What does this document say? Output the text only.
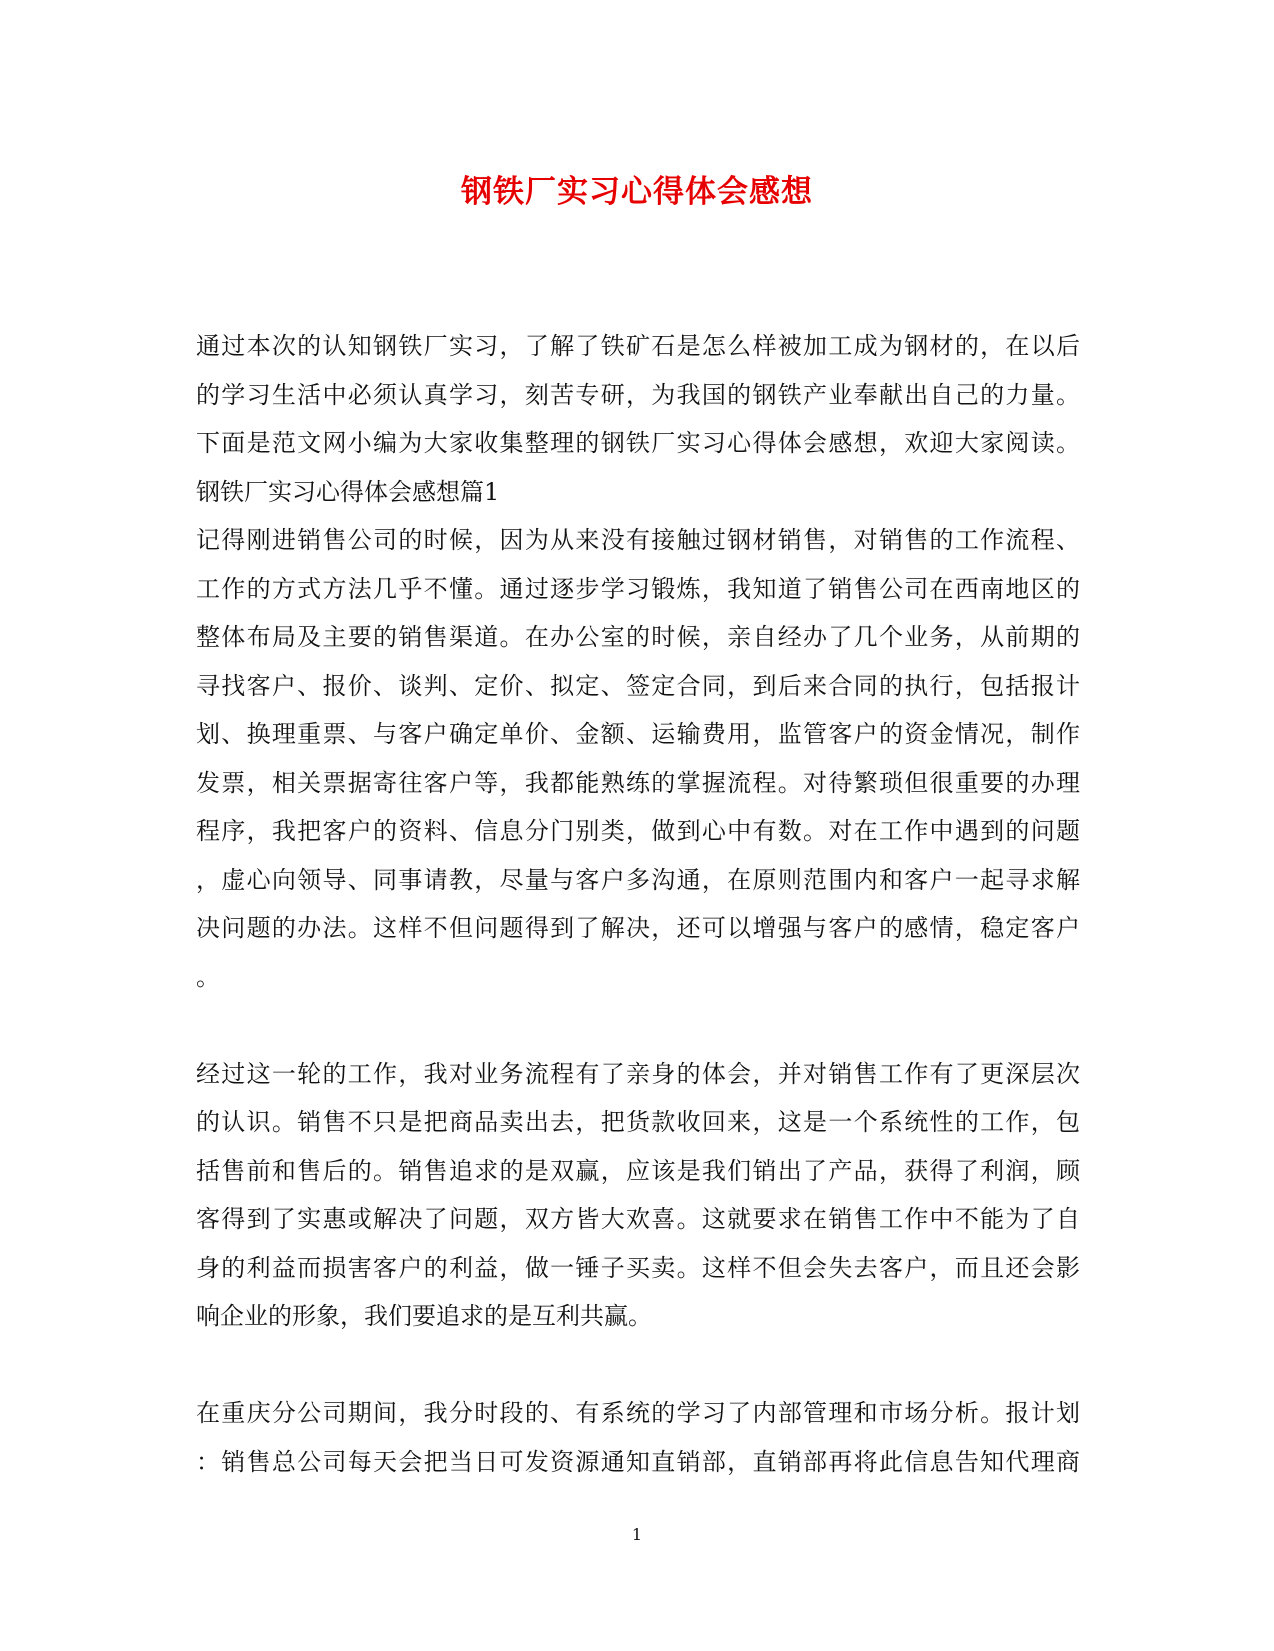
钢铁厂实习心得体会感想
通过本次的认知钢铁厂实习，了解了铁矿石是怎么样被加工成为钢材的，在以后
的学习生活中必须认真学习，刻苦专研，为我国的钢铁产业奉献出自己的力量。
下面是范文网小编为大家收集整理的钢铁厂实习心得体会感想，欢迎大家阅读。
钢铁厂实习心得体会感想篇1
记得刚进销售公司的时候，因为从来没有接触过钢材销售，对销售的工作流程、
工作的方式方法几乎不懂。通过逐步学习锻炼，我知道了销售公司在西南地区的
整体布局及主要的销售渠道。在办公室的时候，亲自经办了几个业务，从前期的
寻找客户、报价、谈判、定价、拟定、签定合同，到后来合同的执行，包括报计
划、换理重票、与客户确定单价、金额、运输费用，监管客户的资金情况，制作
发票，相关票据寄往客户等，我都能熟练的掌握流程。对待繁琐但很重要的办理
程序，我把客户的资料、信息分门别类，做到心中有数。对在工作中遇到的问题
，虚心向领导、同事请教，尽量与客户多沟通，在原则范围内和客户一起寻求解
决问题的办法。这样不但问题得到了解决，还可以增强与客户的感情，稳定客户
。
经过这一轮的工作，我对业务流程有了亲身的体会，并对销售工作有了更深层次
的认识。销售不只是把商品卖出去，把货款收回来，这是一个系统性的工作，包
括售前和售后的。销售追求的是双赢，应该是我们销出了产品，获得了利润，顾
客得到了实惠或解决了问题，双方皆大欢喜。这就要求在销售工作中不能为了自
身的利益而损害客户的利益，做一锤子买卖。这样不但会失去客户，而且还会影
响企业的形象，我们要追求的是互利共赢。
在重庆分公司期间，我分时段的、有系统的学习了内部管理和市场分析。报计划
：销售总公司每天会把当日可发资源通知直销部，直销部再将此信息告知代理商
1
